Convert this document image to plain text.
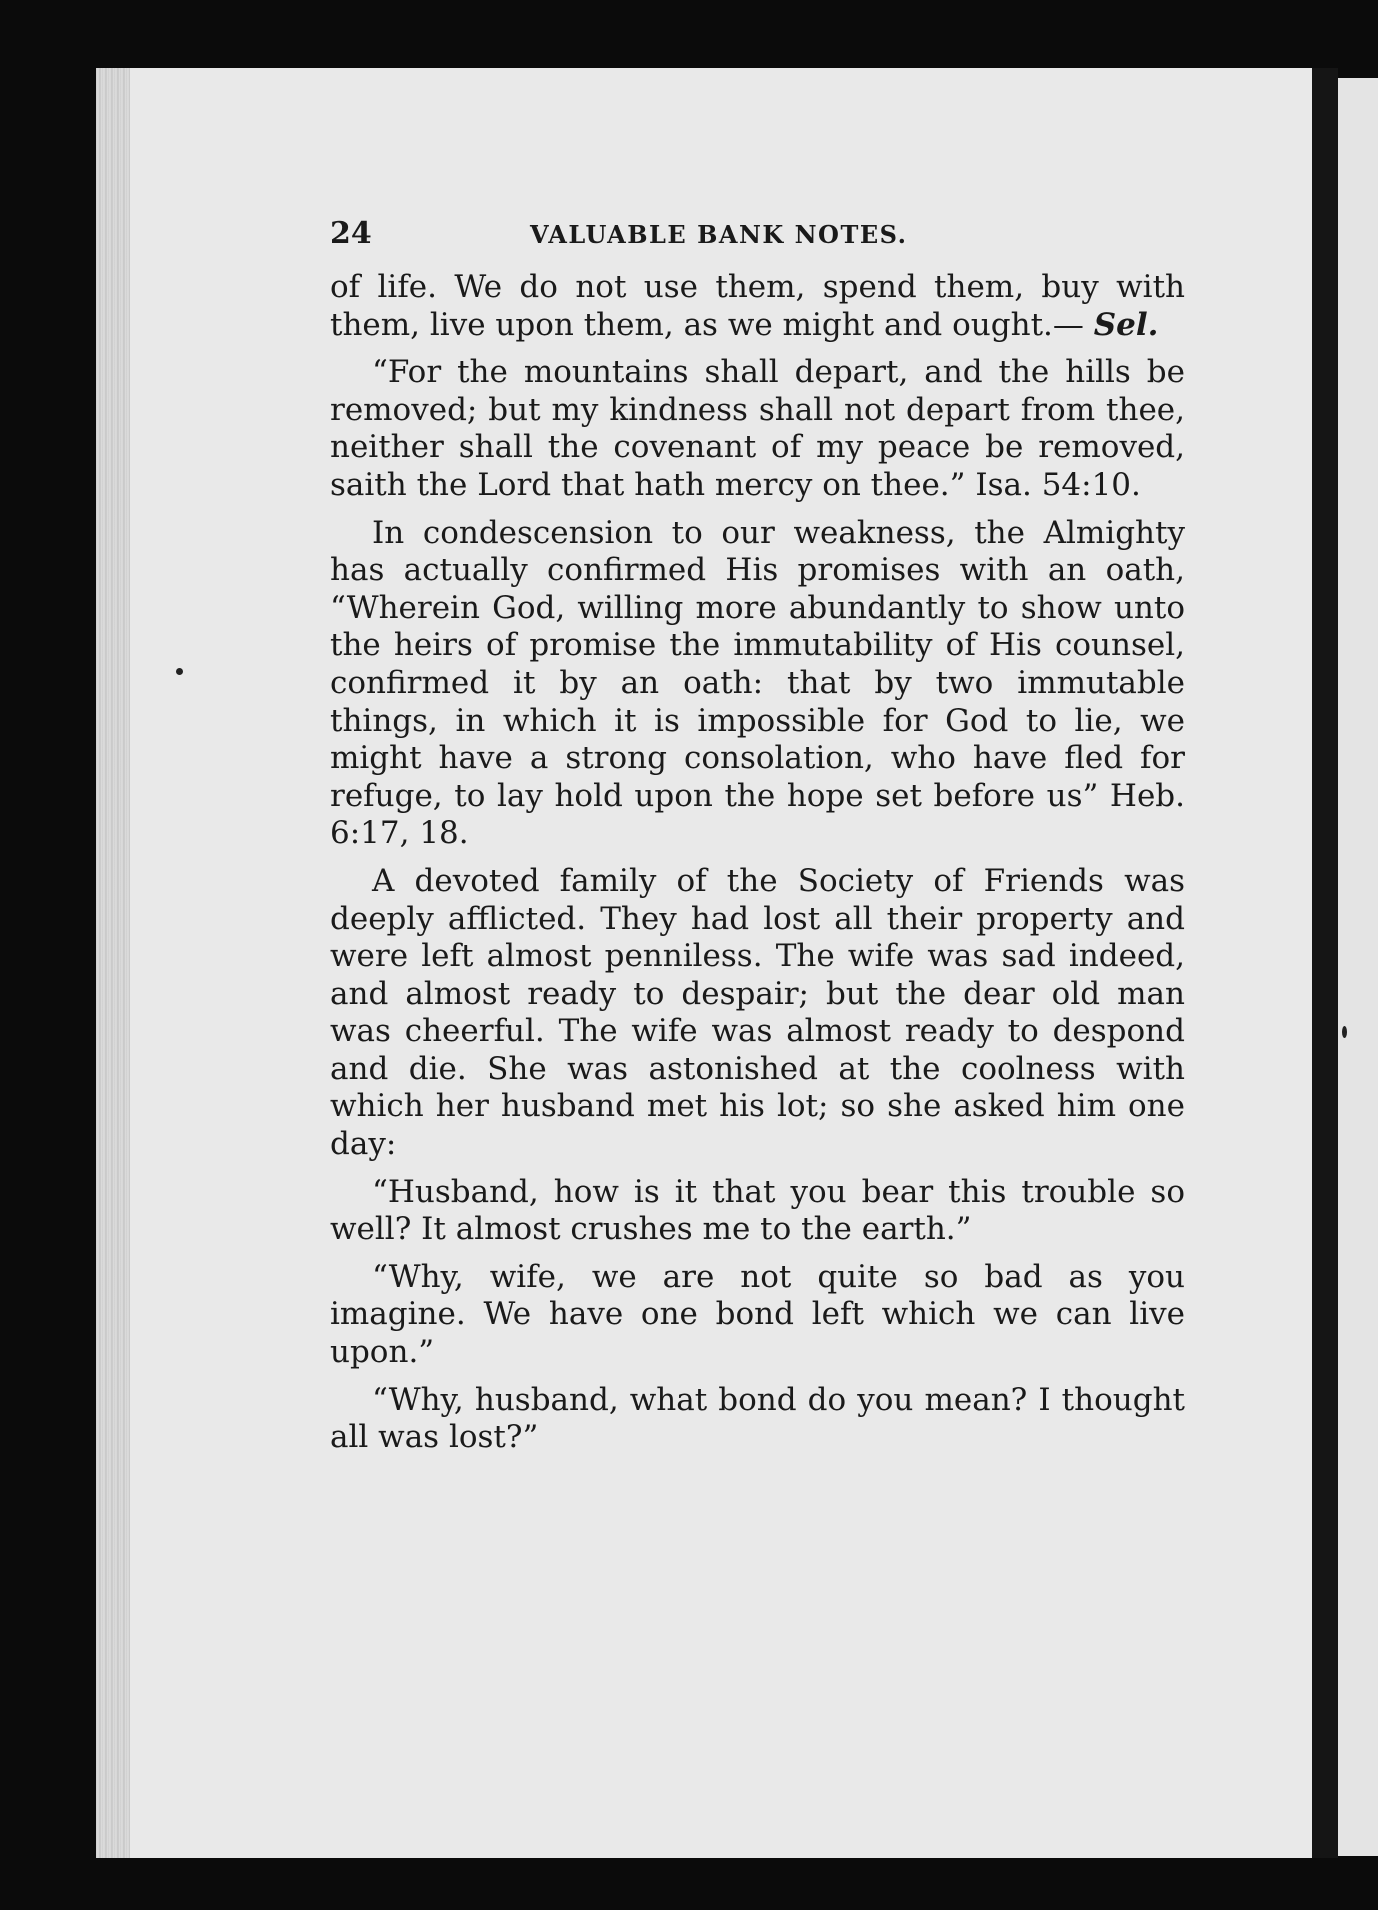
24	VALUABLE BANK NOTES.

of life. We do not use them, spend them, buy with them, live upon them, as we might and ought.— Sel.

“For the mountains shall depart, and the hills be removed; but my kindness shall not depart from thee, neither shall the covenant of my peace be removed, saith the Lord that hath mercy on thee.” Isa. 54:10.

In condescension to our weakness, the Almighty has actually confirmed His promises with an oath, “Wherein God, willing more abundantly to show unto the heirs of promise the immutability of His counsel, confirmed it by an oath: that by two immutable things, in which it is impossible for God to lie, we might have a strong consolation, who have fled for refuge, to lay hold upon the hope set before us” Heb. 6:17, 18.

A devoted family of the Society of Friends was deeply afflicted. They had lost all their property and were left almost penniless. The wife was sad indeed, and almost ready to despair; but the dear old man was cheerful. The wife was almost ready to despond and die. She was astonished at the coolness with which her husband met his lot; so she asked him one day:

“Husband, how is it that you bear this trouble so well? It almost crushes me to the earth.”

“Why, wife, we are not quite so bad as you imagine. We have one bond left which we can live upon.”

“Why, husband, what bond do you mean? I thought all was lost?”
